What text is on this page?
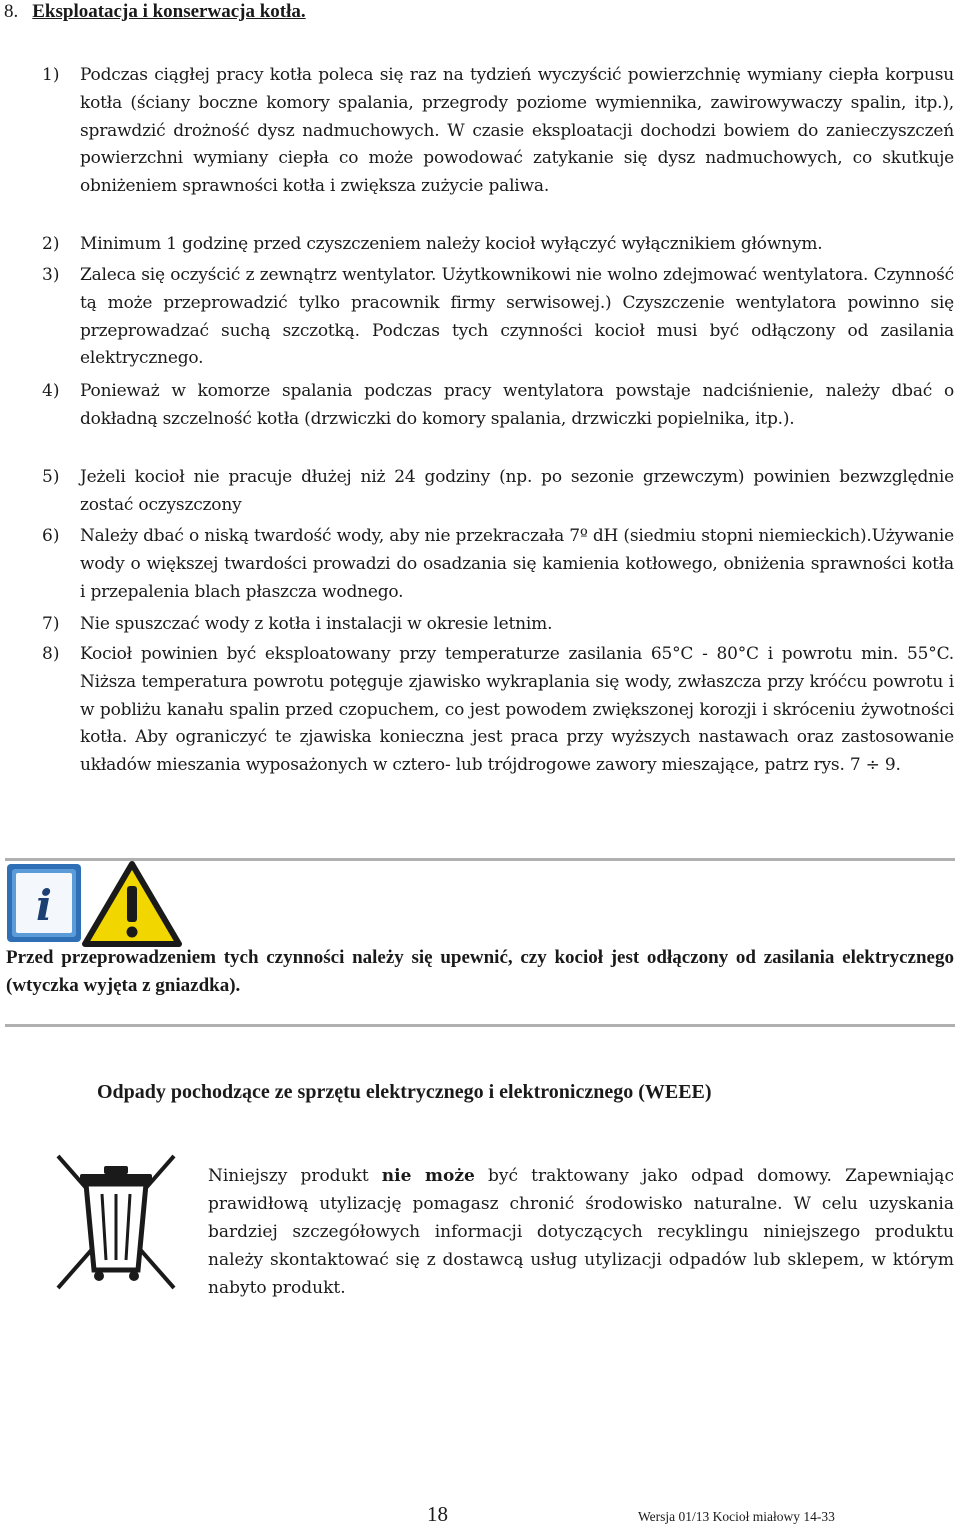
8. Eksploatacja i konserwacja kotła.
1)	Podczas ciągłej pracy kotła poleca się raz na tydzień wyczyścić powierzchnię wymiany ciepła korpusu kotła (ściany boczne komory spalania, przegrody poziome wymiennika, zawirowywaczy spalin, itp.), sprawdzić drożność dysz nadmuchowych. W czasie eksploatacji dochodzi bowiem do zanieczyszczeń powierzchni wymiany ciepła co może powodować zatykanie się dysz nadmuchowych, co skutkuje obniżeniem sprawności kotła i zwiększa zużycie paliwa.
2)	Minimum 1 godzinę przed czyszczeniem należy kocioł wyłączyć wyłącznikiem głównym.
3)	Zaleca się oczyścić z zewnątrz wentylator. Użytkownikowi nie wolno zdejmować wentylatora. Czynność tą może przeprowadzić tylko pracownik firmy serwisowej.) Czyszczenie wentylatora powinno się przeprowadzać suchą szczotką. Podczas tych czynności kocioł musi być odłączony od zasilania elektrycznego.
4)	Ponieważ w komorze spalania podczas pracy wentylatora powstaje nadciśnienie, należy dbać o dokładną szczelność kotła (drzwiczki do komory spalania, drzwiczki popielnika, itp.).
5)	Jeżeli kocioł nie pracuje dłużej niż 24 godziny (np. po sezonie grzewczym) powinien bezwzględnie zostać oczyszczony
6)	Należy dbać o niską twardość wody, aby nie przekraczała 7º dH (siedmiu stopni niemieckich).Używanie wody o większej twardości prowadzi do osadzania się kamienia kotłowego, obniżenia sprawności kotła i przepalenia blach płaszcza wodnego.
7)	Nie spuszczać wody z kotła i instalacji w okresie letnim.
8)	Kocioł powinien być eksploatowany przy temperaturze zasilania 65°C - 80°C i powrotu min. 55°C. Niższa temperatura powrotu potęguje zjawisko wykraplania się wody, zwłaszcza przy króćcu powrotu i w pobliżu kanału spalin przed czopuchem, co jest powodem zwiększonej korozji i skróceniu żywotności kotła. Aby ograniczyć te zjawiska konieczna jest praca przy wyższych nastawach oraz zastosowanie układów mieszania wyposażonych w cztero- lub trójdrogowe zawory mieszające, patrz rys. 7 ÷ 9.
i
Przed przeprowadzeniem tych czynności należy się upewnić, czy kocioł jest odłączony od zasilania elektrycznego (wtyczka wyjęta z gniazdka).
Odpady pochodzące ze sprzętu elektrycznego i elektronicznego (WEEE)
Niniejszy produkt nie może być traktowany jako odpad domowy. Zapewniając prawidłową utylizację pomagasz chronić środowisko naturalne. W celu uzyskania bardziej szczegółowych informacji dotyczących recyklingu niniejszego produktu należy skontaktować się z dostawcą usług utylizacji odpadów lub sklepem, w którym nabyto produkt.
18	Wersja 01/13 Kocioł miałowy 14-33
